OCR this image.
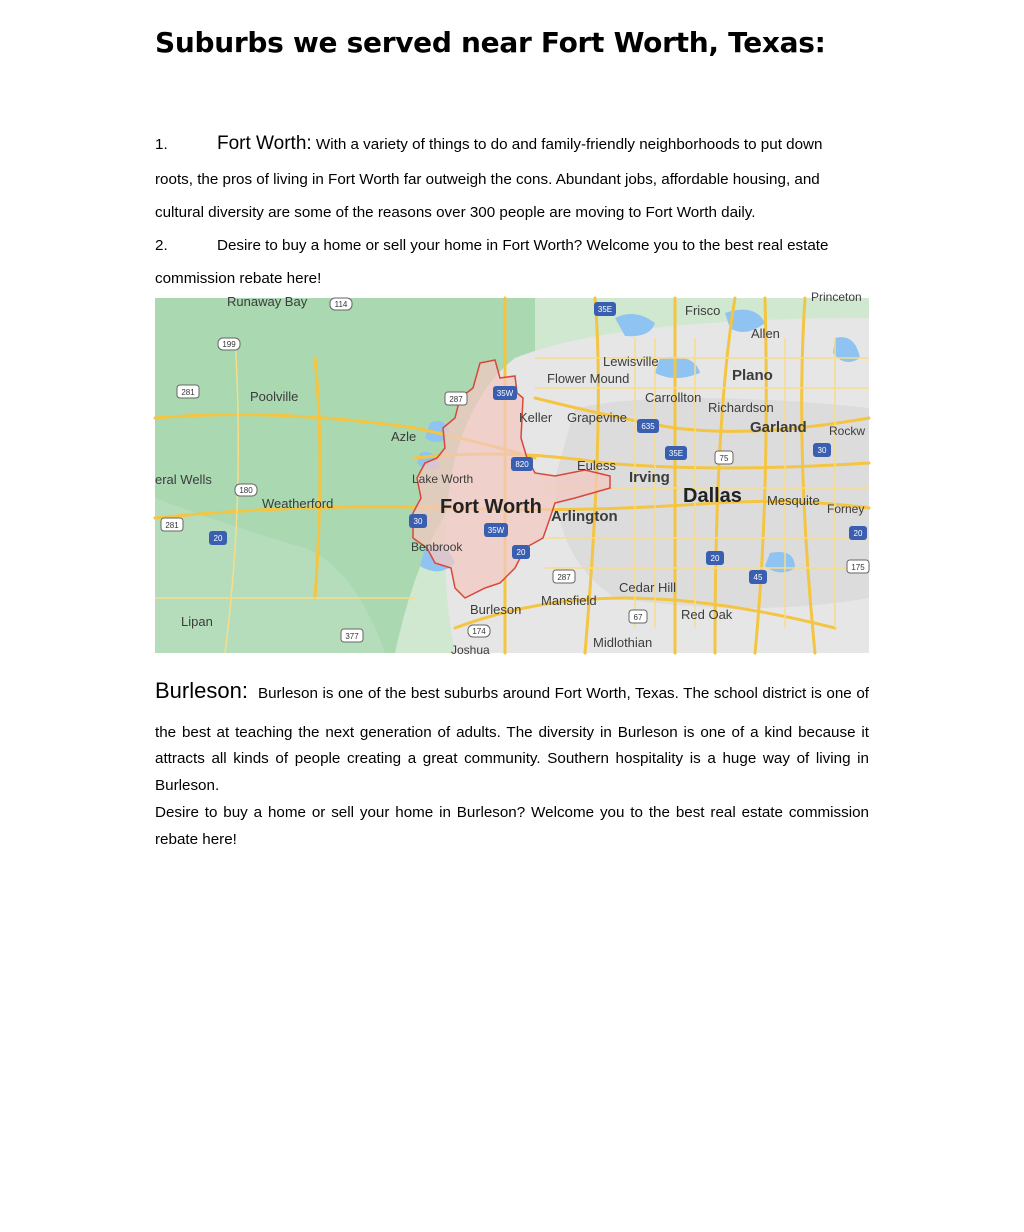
Suburbs we served near Fort Worth, Texas:
1.	Fort Worth: With a variety of things to do and family-friendly neighborhoods to put down
roots, the pros of living in Fort Worth far outweigh the cons. Abundant jobs, affordable housing, and
cultural diversity are some of the reasons over 300 people are moving to Fort Worth daily.
2.	Desire to buy a home or sell your home in Fort Worth? Welcome you to the best real estate
commission rebate here!
Runaway Bay
Frisco
Princeton
Allen
Lewisville
Poolville
Flower Mound	Plano
Carrollton
Richardson
Keller Grapevine
Azle
Garland Rockw
Euless
Irving
Lake Worth
eral Wells
Weatherford	Fort Worth Arlington
Dallas Mesquite
Forney
Benbrook
Cedar Hill
Mansfield
Red Oak
Lipan
Burleson
Midlothian
Joshua
114
199
281
287
35E
35W
635
35E
75
30
820
180
281
20
30
35W
20
287
20
45
175
20
67
174
377
Burleson: Burleson is one of the best suburbs around Fort Worth, Texas. The school district is one of
the best at teaching the next generation of adults. The diversity in Burleson is one of a kind because it
attracts all kinds of people creating a great community. Southern hospitality is a huge way of living in
Burleson.
Desire to buy a home or sell your home in Burleson? Welcome you to the best real estate commission
rebate here!
